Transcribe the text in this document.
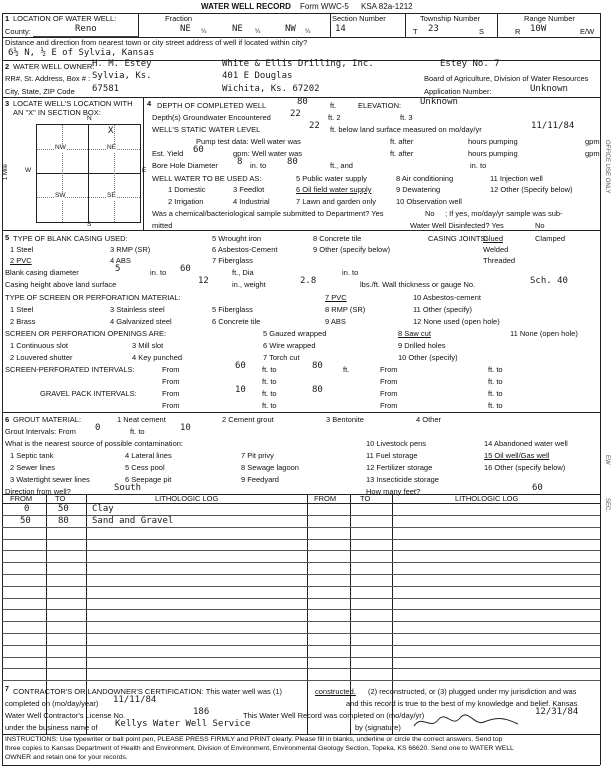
WATER WELL RECORD Form WWC-5 KSA 82a-1212
1 LOCATION OF WATER WELL:
County:	Reno
Fraction
NE ¼	NE ¼	NW ¼
Section Number
14
Township Number
T 23	S
Range Number
R 10W	E/W
Distance and direction from nearest town or city street address of well if located within city?
6½ N, ½ E of Sylvia, Kansas
2 WATER WELL OWNER:
H. M. Estey
RR#, St. Address, Box # : Sylvia, Ks.
City, State, ZIP Code 67581
White & Ellis Drilling, Inc.
401 E Douglas
Wichita, Ks. 67202
Estey No. 7
Board of Agriculture, Division of Water Resources
Application Number:	Unknown
3 LOCATE WELL'S LOCATION WITH
AN "X" IN SECTION BOX:
N
S
W	E
1 Mile
NW	NE
SW	SE
X
4 DEPTH OF COMPLETED WELL	80	ft.	ELEVATION: Unknown
Depth(s) Groundwater Encountered 22	ft. 2	ft. 3
WELL'S STATIC WATER LEVEL	22 ft. below land surface measured on mo/day/yr	11/11/84
Pump test data: Well water was	ft. after	hours pumping	gpm
Est. Yield 60	gpm: Well water was	ft. after	hours pumping	gpm
Bore Hole Diameter 8 in. to 80	ft., and	in. to
WELL WATER TO BE USED AS:
1 Domestic
2 Irrigation
3 Feedlot
4 Industrial
5 Public water supply
6 Oil field water supply
7 Lawn and garden only
8 Air conditioning
9 Dewatering
10 Observation well
11 Injection well
12 Other (Specify below)
Was a chemical/bacteriological sample submitted to Department? Yes	No ; If yes, mo/day/yr sample was sub-
mitted	Water Well Disinfected? Yes	No
5 TYPE OF BLANK CASING USED:
1 Steel
2 PVC
3 RMP (SR)
4 ABS
5 Wrought iron
6 Asbestos-Cement
7 Fiberglass
8 Concrete tile
9 Other (specify below)
CASING JOINTS:
Glued	Clamped
Welded
Threaded
Blank casing diameter	5	in. to 60	ft., Dia	in. to
Casing height above land surface	12	in., weight	2.8	lbs./ft. Wall thickness or gauge No.	Sch. 40
TYPE OF SCREEN OR PERFORATION MATERIAL:
1 Steel
2 Brass
3 Stainless steel
4 Galvanized steel
5 Fiberglass
6 Concrete tile
7 PVC
8 RMP (SR)
9 ABS
10 Asbestos-cement
11 Other (specify)
12 None used (open hole)
SCREEN OR PERFORATION OPENINGS ARE:
1 Continuous slot
2 Louvered shutter
3 Mill slot
4 Key punched
5 Gauzed wrapped
6 Wire wrapped
7 Torch cut
8 Saw cut
9 Drilled holes
10 Other (specify)
11 None (open hole)
SCREEN-PERFORATED INTERVALS:	From	60 ft. to	80	ft.	From	ft. to
From	ft. to	From	ft. to
GRAVEL PACK INTERVALS:	From	10 ft. to	80	From	ft. to
From	ft. to	From	ft. to
6 GROUT MATERIAL:	1 Neat cement	2 Cement grout	3 Bentonite	4 Other
Grout Intervals: From 0	ft. to	10
What is the nearest source of possible contamination:
1 Septic tank
2 Sewer lines
3 Watertight sewer lines
4 Lateral lines
5 Cess pool
6 Seepage pit
7 Pit privy
8 Sewage lagoon
9 Feedyard
10 Livestock pens
11 Fuel storage
12 Fertilizer storage
13 Insecticide storage
14 Abandoned water well
15 Oil well/Gas well
16 Other (specify below)
Direction from well?	South	How many feet?	60
FROM	TO	LITHOLOGIC LOG	FROM	TO	LITHOLOGIC LOG
0	50	Clay
50	80	Sand and Gravel
7 CONTRACTOR'S OR LANDOWNER'S CERTIFICATION: This water well was (1)	constructed. (2) reconstructed, or (3) plugged under my jurisdiction and was
completed on (mo/day/year) 11/11/84	and this record is true to the best of my knowledge and belief. Kansas
Water Well Contractor's License No.	186	This Water Well Record was completed on (mo/day/yr)	12/31/84
under the business name of Kellys Water Well Service	by (signature)
INSTRUCTIONS: Use typewriter or ball point pen, PLEASE PRESS FIRMLY and PRINT clearly. Please fill in blanks, underline or circle the correct answers. Send top
three copies to Kansas Department of Health and Environment, Division of Environment, Environmental Geology Section, Topeka, KS 66620. Send one to WATER WELL
OWNER and retain one for your records.
OFFICE USE ONLY
EW
SEC.
